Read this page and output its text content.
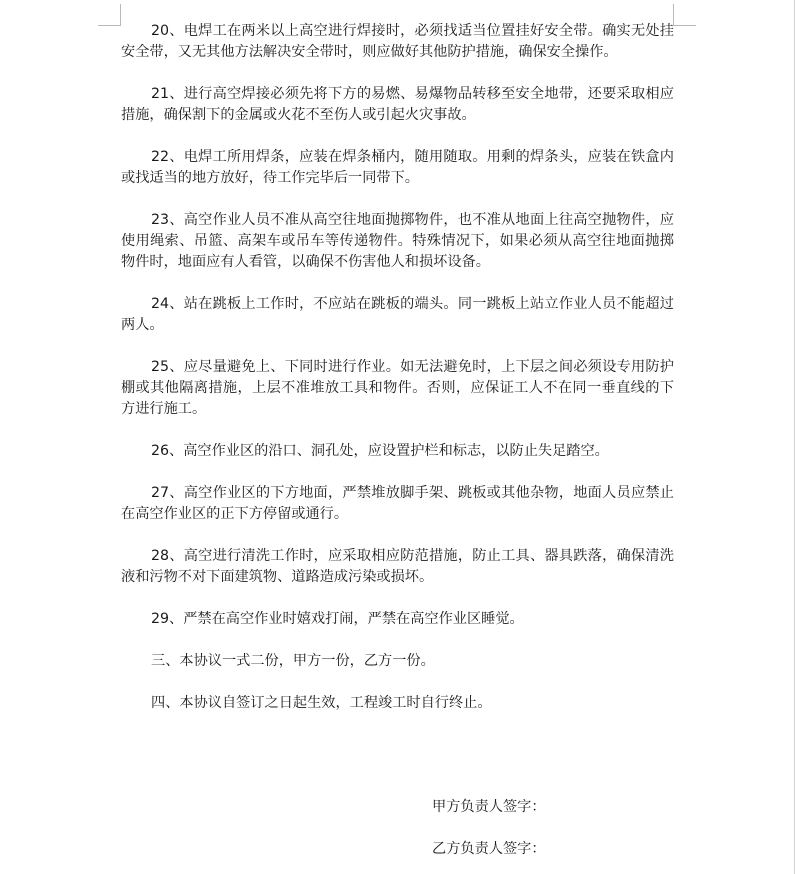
20、电焊工在两米以上高空进行焊接时，必须找适当位置挂好安全带。确实无处挂安全带，又无其他方法解决安全带时，则应做好其他防护措施，确保安全操作。

21、进行高空焊接必须先将下方的易燃、易爆物品转移至安全地带，还要采取相应措施，确保割下的金属或火花不至伤人或引起火灾事故。

22、电焊工所用焊条，应装在焊条桶内，随用随取。用剩的焊条头，应装在铁盒内或找适当的地方放好，待工作完毕后一同带下。

23、高空作业人员不准从高空往地面抛掷物件，也不准从地面上往高空抛物件，应使用绳索、吊篮、高架车或吊车等传递物件。特殊情况下，如果必须从高空往地面抛掷物件时，地面应有人看管，以确保不伤害他人和损坏设备。

24、站在跳板上工作时，不应站在跳板的端头。同一跳板上站立作业人员不能超过两人。

25、应尽量避免上、下同时进行作业。如无法避免时，上下层之间必须设专用防护棚或其他隔离措施，上层不准堆放工具和物件。否则，应保证工人不在同一垂直线的下方进行施工。

26、高空作业区的沿口、洞孔处，应设置护栏和标志，以防止失足踏空。

27、高空作业区的下方地面，严禁堆放脚手架、跳板或其他杂物，地面人员应禁止在高空作业区的正下方停留或通行。

28、高空进行清洗工作时，应采取相应防范措施，防止工具、器具跌落，确保清洗液和污物不对下面建筑物、道路造成污染或损坏。

29、严禁在高空作业时嬉戏打闹，严禁在高空作业区睡觉。

三、本协议一式二份，甲方一份，乙方一份。

四、本协议自签订之日起生效，工程竣工时自行终止。

甲方负责人签字：

乙方负责人签字：
